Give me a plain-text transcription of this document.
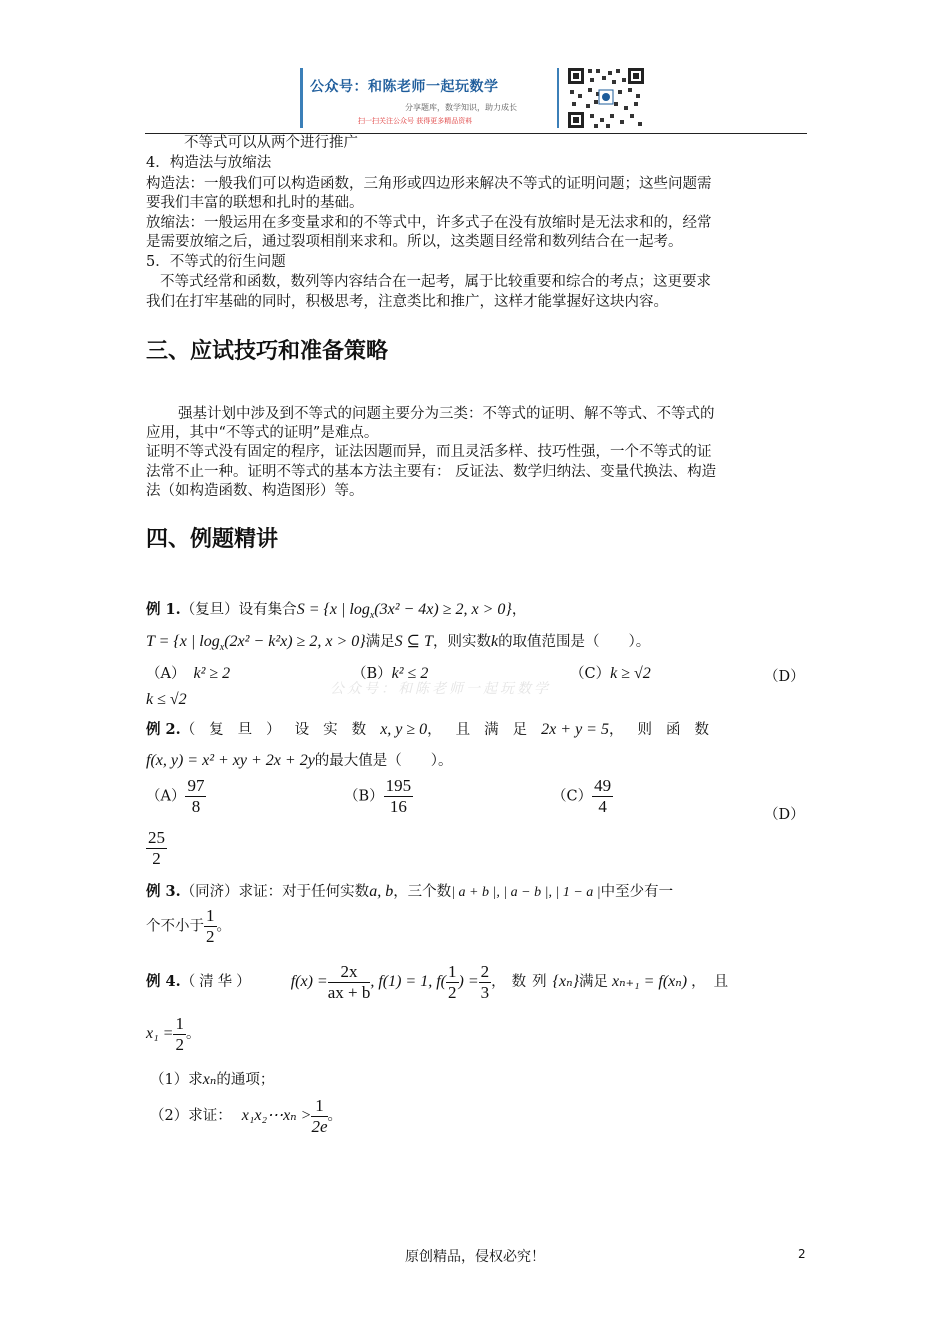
公众号：和陈老师一起玩数学
分享题库，数学知识，助力成长
扫一扫关注公众号 获得更多精品资料
不等式可以从两个进行推广
4．构造法与放缩法
构造法：一般我们可以构造函数，三角形或四边形来解决不等式的证明问题；这些问题需
要我们丰富的联想和扎时的基础。
放缩法：一般运用在多变量求和的不等式中，许多式子在没有放缩时是无法求和的，经常
是需要放缩之后，通过裂项相削来求和。所以，这类题目经常和数列结合在一起考。
5．不等式的衍生问题
不等式经常和函数，数列等内容结合在一起考，属于比较重要和综合的考点；这更要求
我们在打牢基础的同时，积极思考，注意类比和推广，这样才能掌握好这块内容。
三、应试技巧和准备策略
强基计划中涉及到不等式的问题主要分为三类：不等式的证明、解不等式、不等式的
应用，其中“不等式的证明”是难点。
证明不等式没有固定的程序，证法因题而异，而且灵活多样、技巧性强，一个不等式的证
法常不止一种。证明不等式的基本方法主要有： 反证法、数学归纳法、变量代换法、构造
法（如构造函数、构造图形）等。
四、例题精讲
例 1.（复旦）设有集合S = {x | $\log_x(3x^2 - 4x) \ge 2$, x > 0}，
T = {x | $\log_x(2x^2 - k^2x) \ge 2$, x > 0}满足S ⊆ T，则实数k的取值范围是（　　）。
（A） k² ≥ 2	（B）k² ≤ 2	（C）k ≥ √2	（D）
k ≤ √2
公众号：和陈老师一起玩数学
例 2.（复旦）设实数x, y ≥ 0，且满足2x + y = 5，则函数
f(x, y) = x² + xy + 2x + 2y的最大值是（　　）。
$(A) \frac{97}{8}$	$(B) \frac{195}{16}$	$(C) \frac{49}{4}$	（D）
$\frac{25}{2}$
例 3.（同济）求证：对于任何实数a, b，三个数| a + b |, | a − b |, | 1 − a |中至少有一
个不小于 $\frac{1}{2}$ 。
例 4.（清华） $f(x) = \frac{2x}{ax + b}$ , f(1) = 1, $f( \frac{1}{2}$ ) = $\frac{2}{3}$ ，数列{xₙ}满足 xₙ₊₁ = f(xₙ) ，且
$x_1 = \frac{1}{2}$ 。
（1）求xₙ的通项；
（2）求证： x₁x₂⋯xₙ > $\frac{1}{2e}$ 。
原创精品，侵权必究！	2
